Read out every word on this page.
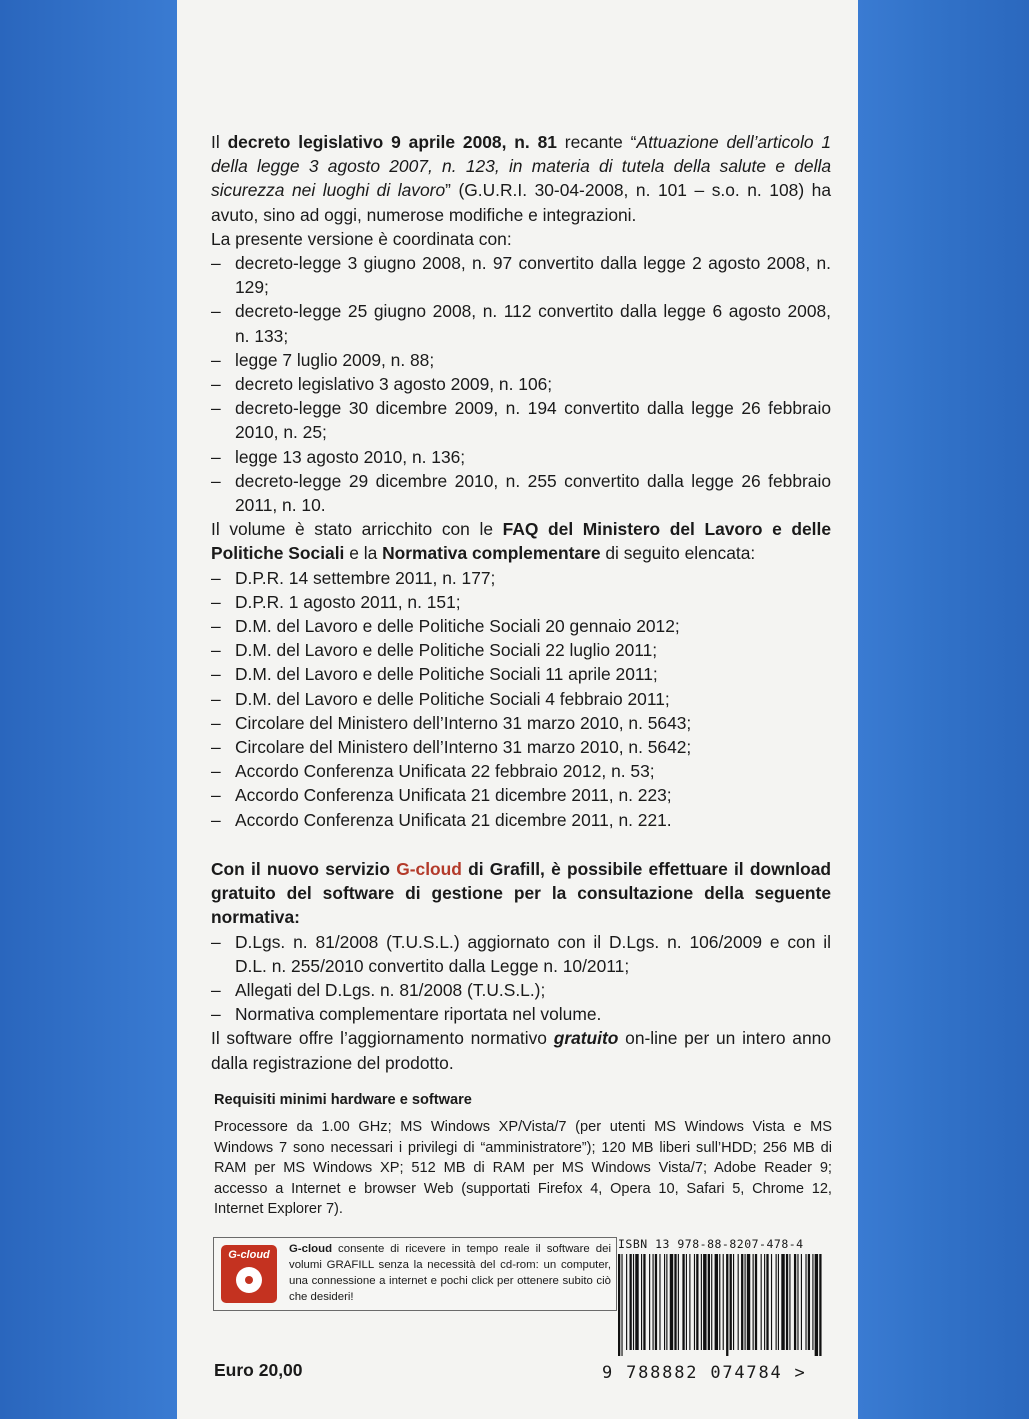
Il decreto legislativo 9 aprile 2008, n. 81 recante “Attuazione dell’articolo 1 della legge 3 agosto 2007, n. 123, in materia di tutela della salute e della sicurezza nei luoghi di lavoro” (G.U.R.I. 30-04-2008, n. 101 – s.o. n. 108) ha avuto, sino ad oggi, numerose modifiche e integrazioni.

La presente versione è coordinata con:

– decreto-legge 3 giugno 2008, n. 97 convertito dalla legge 2 agosto 2008, n. 129;
– decreto-legge 25 giugno 2008, n. 112 convertito dalla legge 6 agosto 2008, n. 133;
– legge 7 luglio 2009, n. 88;
– decreto legislativo 3 agosto 2009, n. 106;
– decreto-legge 30 dicembre 2009, n. 194 convertito dalla legge 26 febbraio 2010, n. 25;
– legge 13 agosto 2010, n. 136;
– decreto-legge 29 dicembre 2010, n. 255 convertito dalla legge 26 febbraio 2011, n. 10.

Il volume è stato arricchito con le FAQ del Ministero del Lavoro e delle Politiche Sociali e la Normativa complementare di seguito elencata:

– D.P.R. 14 settembre 2011, n. 177;
– D.P.R. 1 agosto 2011, n. 151;
– D.M. del Lavoro e delle Politiche Sociali 20 gennaio 2012;
– D.M. del Lavoro e delle Politiche Sociali 22 luglio 2011;
– D.M. del Lavoro e delle Politiche Sociali 11 aprile 2011;
– D.M. del Lavoro e delle Politiche Sociali 4 febbraio 2011;
– Circolare del Ministero dell’Interno 31 marzo 2010, n. 5643;
– Circolare del Ministero dell’Interno 31 marzo 2010, n. 5642;
– Accordo Conferenza Unificata 22 febbraio 2012, n. 53;
– Accordo Conferenza Unificata 21 dicembre 2011, n. 223;
– Accordo Conferenza Unificata 21 dicembre 2011, n. 221.

Con il nuovo servizio G-cloud di Grafill, è possibile effettuare il download gratuito del software di gestione per la consultazione della seguente normativa:

– D.Lgs. n. 81/2008 (T.U.S.L.) aggiornato con il D.Lgs. n. 106/2009 e con il D.L. n. 255/2010 convertito dalla Legge n. 10/2011;
– Allegati del D.Lgs. n. 81/2008 (T.U.S.L.);
– Normativa complementare riportata nel volume.

Il software offre l’aggiornamento normativo gratuito on-line per un intero anno dalla registrazione del prodotto.

Requisiti minimi hardware e software
Processore da 1.00 GHz; MS Windows XP/Vista/7 (per utenti MS Windows Vista e MS Windows 7 sono necessari i privilegi di “amministratore”); 120 MB liberi sull’HDD; 256 MB di RAM per MS Windows XP; 512 MB di RAM per MS Windows Vista/7; Adobe Reader 9; accesso a Internet e browser Web (supportati Firefox 4, Opera 10, Safari 5, Chrome 12, Internet Explorer 7).
G-cloud	G-cloud consente di ricevere in tempo reale il software dei volumi GRAFILL senza la necessità del cd-rom: un computer, una connessione a internet e pochi click per ottenere subito ciò che desideri!
ISBN 13 978-88-8207-478-4
9 788882 074784 >
Euro 20,00
